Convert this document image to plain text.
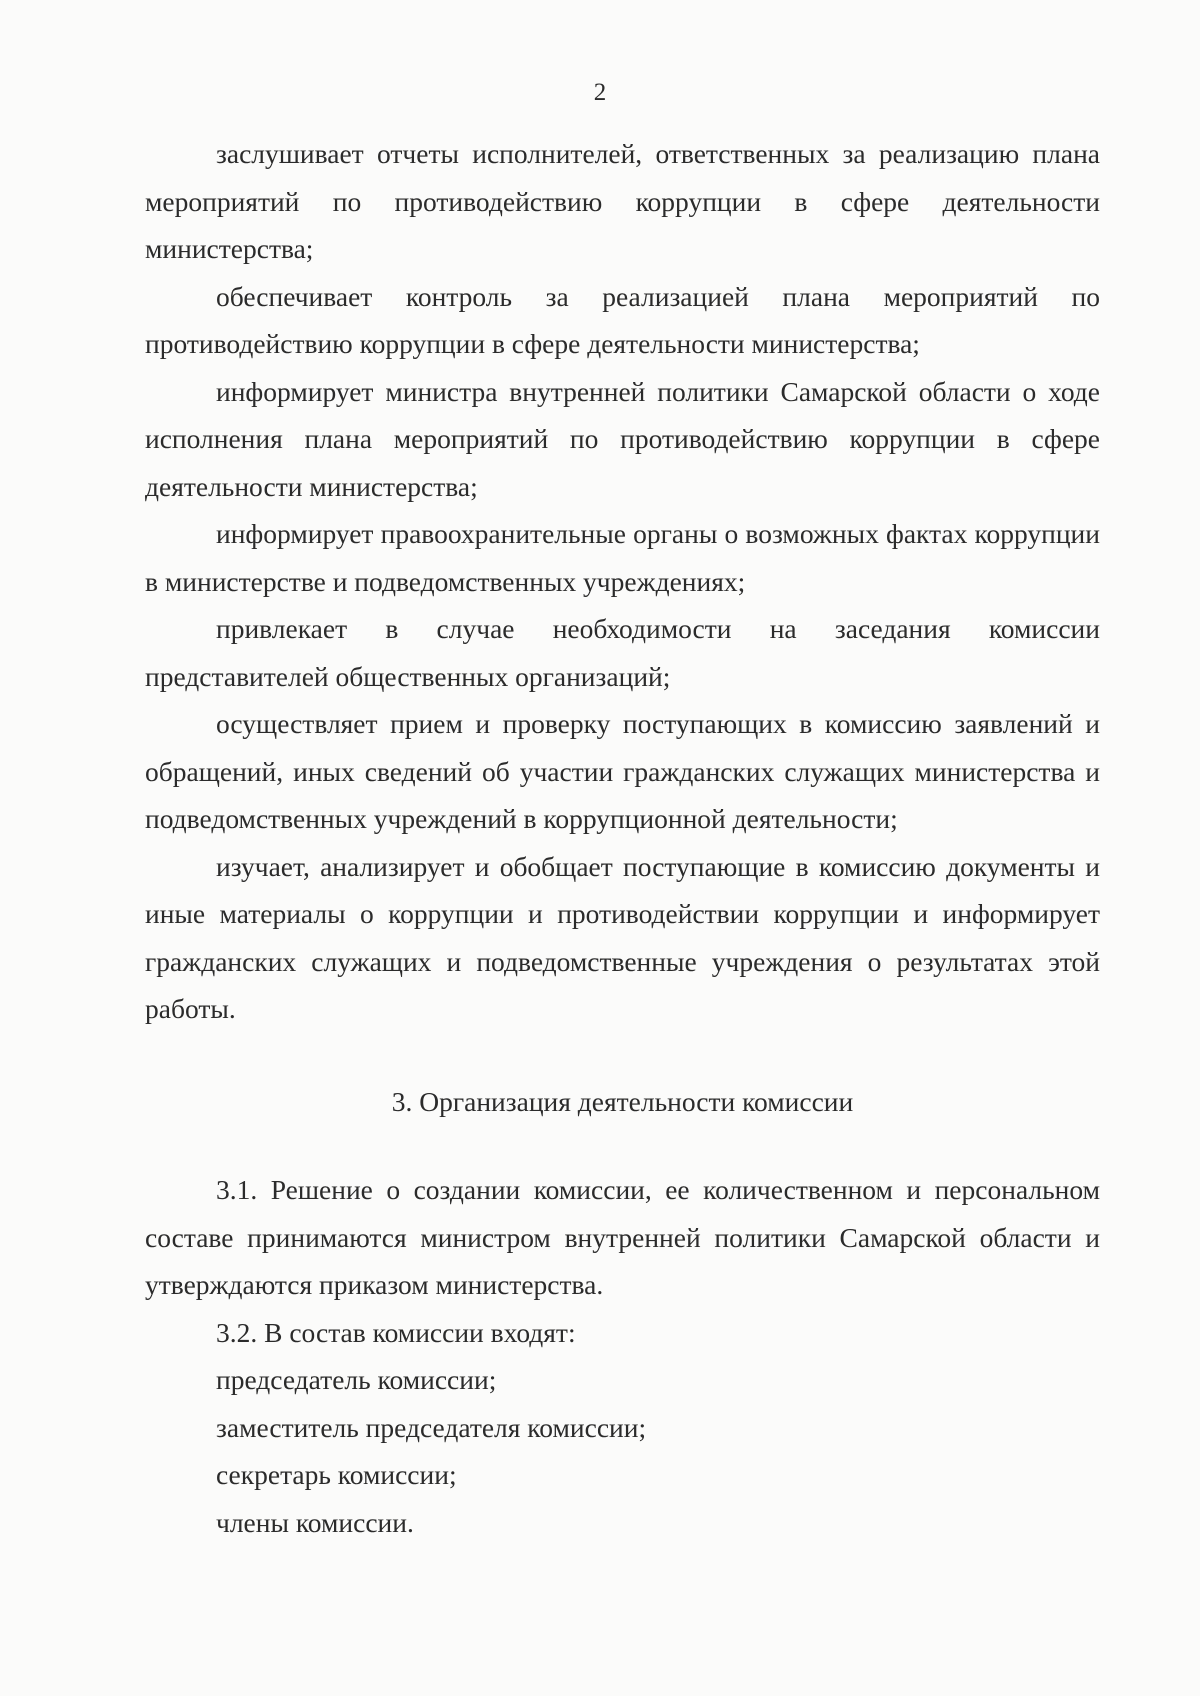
2

заслушивает отчеты исполнителей, ответственных за реализацию плана мероприятий по противодействию коррупции в сфере деятельности министерства;

обеспечивает контроль за реализацией плана мероприятий по противодействию коррупции в сфере деятельности министерства;

информирует министра внутренней политики Самарской области о ходе исполнения плана мероприятий по противодействию коррупции в сфере деятельности министерства;

информирует правоохранительные органы о возможных фактах коррупции в министерстве и подведомственных учреждениях;

привлекает в случае необходимости на заседания комиссии представителей общественных организаций;

осуществляет прием и проверку поступающих в комиссию заявлений и обращений, иных сведений об участии гражданских служащих министерства и подведомственных учреждений в коррупционной деятельности;

изучает, анализирует и обобщает поступающие в комиссию документы и иные материалы о коррупции и противодействии коррупции и информирует гражданских служащих и подведомственные учреждения о результатах этой работы.

3. Организация деятельности комиссии

3.1. Решение о создании комиссии, ее количественном и персональном составе принимаются министром внутренней политики Самарской области и утверждаются приказом министерства.

3.2. В состав комиссии входят:

председатель комиссии;

заместитель председателя комиссии;

секретарь комиссии;

члены комиссии.
